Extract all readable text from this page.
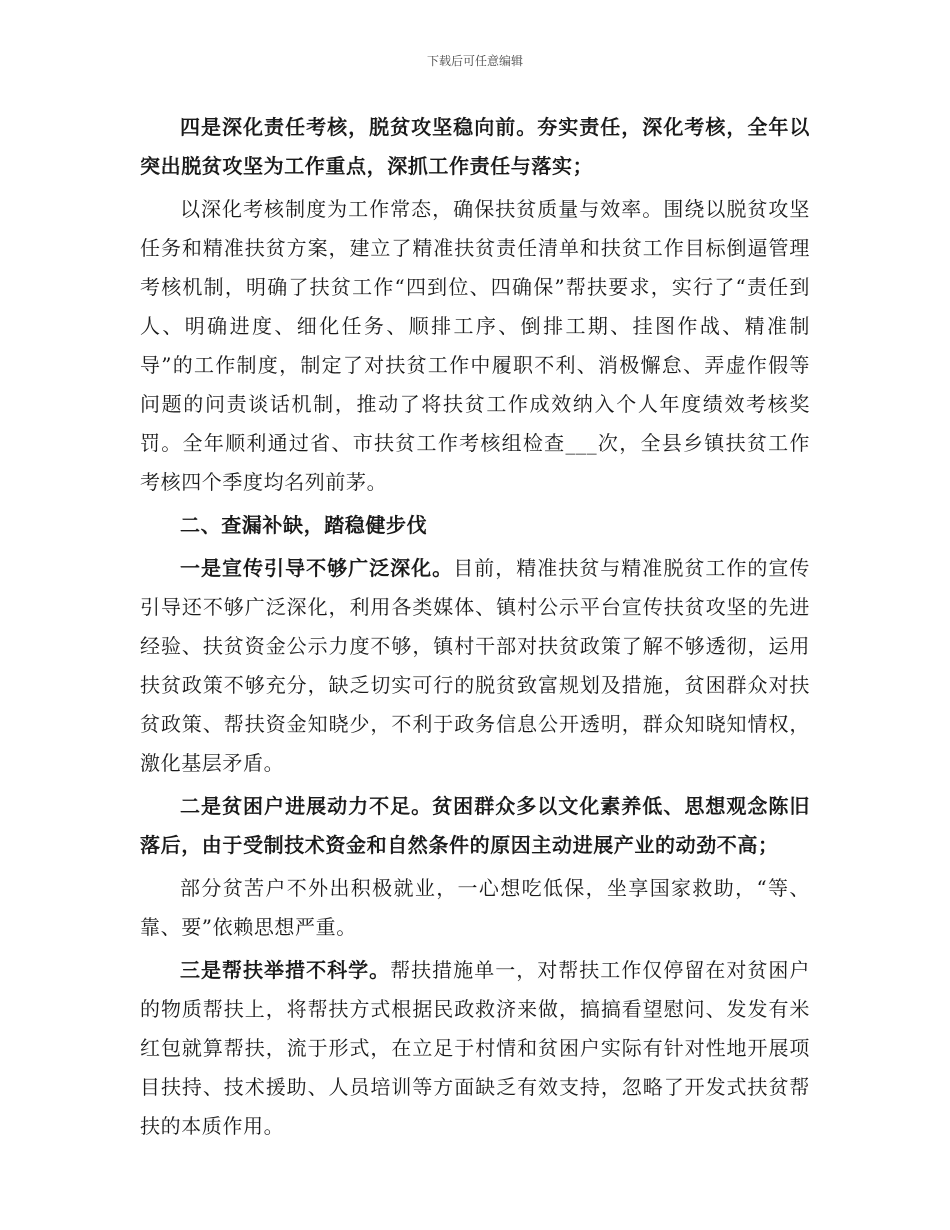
下载后可任意编辑

四是深化责任考核，脱贫攻坚稳向前。夯实责任，深化考核，全年以突出脱贫攻坚为工作重点，深抓工作责任与落实；

以深化考核制度为工作常态，确保扶贫质量与效率。围绕以脱贫攻坚任务和精准扶贫方案，建立了精准扶贫责任清单和扶贫工作目标倒逼管理考核机制，明确了扶贫工作“四到位、四确保”帮扶要求，实行了“责任到人、明确进度、细化任务、顺排工序、倒排工期、挂图作战、精准制导”的工作制度，制定了对扶贫工作中履职不利、消极懈怠、弄虚作假等问题的问责谈话机制，推动了将扶贫工作成效纳入个人年度绩效考核奖罚。全年顺利通过省、市扶贫工作考核组检查___次，全县乡镇扶贫工作考核四个季度均名列前茅。

二、查漏补缺，踏稳健步伐

一是宣传引导不够广泛深化。目前，精准扶贫与精准脱贫工作的宣传引导还不够广泛深化，利用各类媒体、镇村公示平台宣传扶贫攻坚的先进经验、扶贫资金公示力度不够，镇村干部对扶贫政策了解不够透彻，运用扶贫政策不够充分，缺乏切实可行的脱贫致富规划及措施，贫困群众对扶贫政策、帮扶资金知晓少，不利于政务信息公开透明，群众知晓知情权，激化基层矛盾。

二是贫困户进展动力不足。贫困群众多以文化素养低、思想观念陈旧落后，由于受制技术资金和自然条件的原因主动进展产业的动劲不高；

部分贫苦户不外出积极就业，一心想吃低保，坐享国家救助，“等、靠、要”依赖思想严重。

三是帮扶举措不科学。帮扶措施单一，对帮扶工作仅停留在对贫困户的物质帮扶上，将帮扶方式根据民政救济来做，搞搞看望慰问、发发有米红包就算帮扶，流于形式，在立足于村情和贫困户实际有针对性地开展项目扶持、技术援助、人员培训等方面缺乏有效支持，忽略了开发式扶贫帮扶的本质作用。
